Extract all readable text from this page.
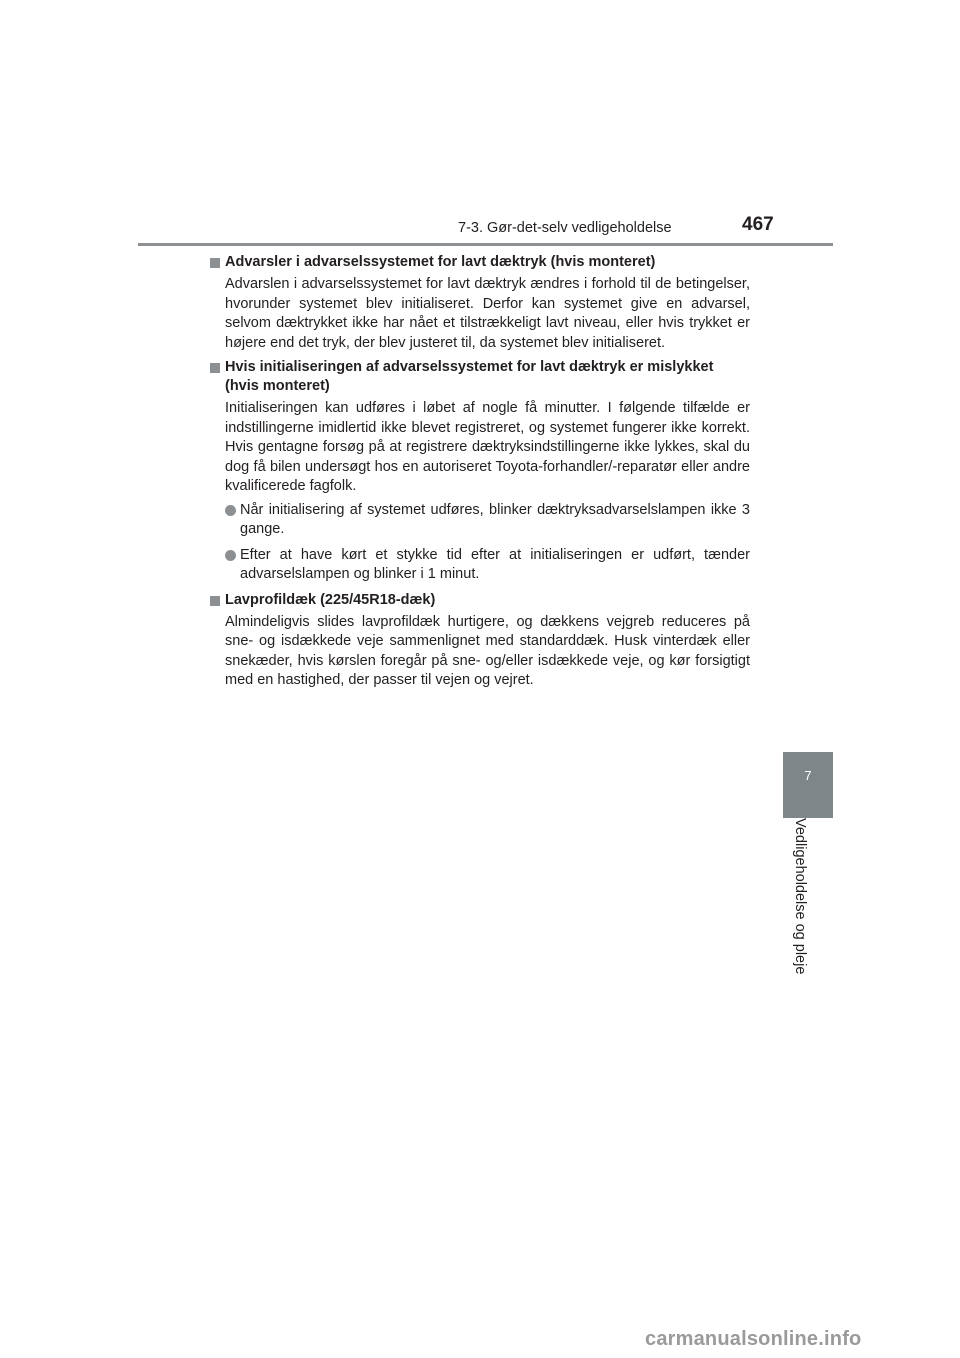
7-3. Gør-det-selv vedligeholdelse	467
7
Vedligeholdelse og pleje
Advarsler i advarselssystemet for lavt dæktryk (hvis monteret)
Advarslen i advarselssystemet for lavt dæktryk ændres i forhold til de betingelser, hvorunder systemet blev initialiseret. Derfor kan systemet give en advarsel, selvom dæktrykket ikke har nået et tilstrækkeligt lavt niveau, eller hvis trykket er højere end det tryk, der blev justeret til, da systemet blev initialiseret.
Hvis initialiseringen af advarselssystemet for lavt dæktryk er mislykket (hvis monteret)
Initialiseringen kan udføres i løbet af nogle få minutter. I følgende tilfælde er indstillingerne imidlertid ikke blevet registreret, og systemet fungerer ikke korrekt. Hvis gentagne forsøg på at registrere dæktryksindstillingerne ikke lykkes, skal du dog få bilen undersøgt hos en autoriseret Toyota-forhandler/-reparatør eller andre kvalificerede fagfolk.
Når initialisering af systemet udføres, blinker dæktryksadvarselslampen ikke 3 gange.
Efter at have kørt et stykke tid efter at initialiseringen er udført, tænder advarselslampen og blinker i 1 minut.
Lavprofildæk (225/45R18-dæk)
Almindeligvis slides lavprofildæk hurtigere, og dækkens vejgreb reduceres på sne- og isdækkede veje sammenlignet med standarddæk. Husk vinterdæk eller snekæder, hvis kørslen foregår på sne- og/eller isdækkede veje, og kør forsigtigt med en hastighed, der passer til vejen og vejret.
carmanualsonline.info
